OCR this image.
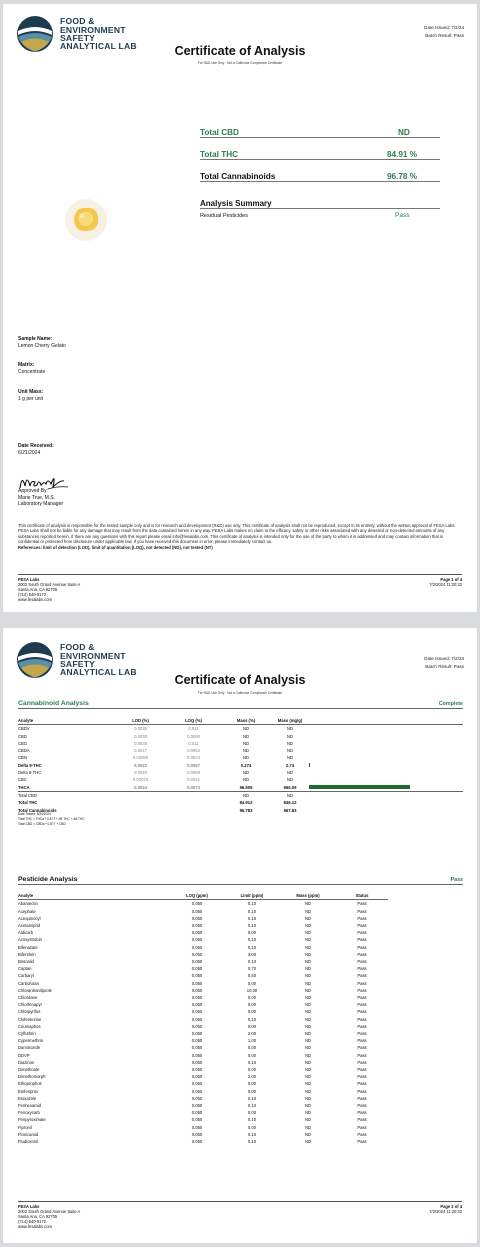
FOOD &
ENVIRONMENT
SAFETY
ANALYTICAL LAB
Date Issued: 7/2/24
Batch Result: Pass
Certificate of Analysis
For R&D Use Only · Not a California Compliance Certificate
Total CBD	ND
Total THC	84.91 %
Total Cannabinoids	96.78 %
Analysis Summary
Residual Pesticides	Pass
Sample Name:
Lemon Cherry Gelato
Matrix:
Concentrate
Unit Mass:
1 g per unit
Date Received:
6/21/2024
Approved By:
Marie True, M.S.
Laboratory Manager
This certificate of analysis is responsible for the tested sample only and is for research and development (R&D) use only. This certificate of analysis shall not be reproduced, except in its entirety, without the written approval of FESA Labs. FESA Labs shall not be liable for any damage that may result from the data contained herein in any way. FESA Labs makes no claim to the efficacy, safety or other risks associated with any detected or non-detected amounts of any substances reported herein. If there are any questions with this report please email info@fesalabs.com. This certificate of analysis is intended only for the use of the party to whom it is addressed and may contain information that is confidential or protected from disclosure under applicable law. If you have received this document in error, please immediately contact us.
References: limit of detection (LOD), limit of quantitation (LOQ), not detected (ND), not tested (NT)
FESA Labs
2002 South Grand Avenue Suite A
Santa Ana, CA 92705
(714) 540-0172
www.fesalabs.com
Page 1 of 4
7/2/2024 11:20:32
FOOD &
ENVIRONMENT
SAFETY
ANALYTICAL LAB
Date Issued: 7/2/24
Batch Result: Pass
Certificate of Analysis
For R&D Use Only · Not a California Compliance Certificate
Cannabinoid Analysis	Complete
Analyte	LOD (%)	LOQ (%)	Mass (%)	Mass (mg/g)	
CBDV	0.0035	0.011	ND	ND	
CBD	0.0030	0.0090	ND	ND	
CBG	0.0038	0.011	ND	ND	
CBDA	0.0017	0.0052	ND	ND	
CBN	0.00080	0.0024	ND	ND	
Delta 9-THC	0.0022	0.0067	0.274	2.74	

Delta 8-THC	0.0020	0.0059	ND	ND	
CBC	0.00070	0.0021	ND	ND	
THCA	0.0024	0.0073	96.509	965.09	

Total CBD			ND	ND	
Total THC			84.912	849.12	
Total Cannabinoids			96.783	967.83	
Date Tested: 6/24/2024
Total THC = THCa * 0.877 + d9-THC + d8-THC
Total CBD = CBDa * 0.877 + CBD
Pesticide Analysis	Pass
Analyte	LOQ (ppm)	Limit (ppm)	Mass (ppm)	Status
Abamectin	0.050	0.10	ND	Pass
Acephate	0.050	0.10	ND	Pass
Acequinocyl	0.050	0.10	ND	Pass
Acetamiprid	0.050	0.10	ND	Pass
Aldicarb	0.050	0.00	ND	Pass
Azoxystrobin	0.050	0.10	ND	Pass
Bifenazate	0.050	0.10	ND	Pass
Bifenthrin	0.050	3.00	ND	Pass
Boscalid	0.050	0.10	ND	Pass
Captan	0.050	0.70	ND	Pass
Carbaryl	0.050	0.50	ND	Pass
Carbofuran	0.050	0.00	ND	Pass
Chlorantraniliprole	0.050	10.00	ND	Pass
Chlordane	0.050	0.00	ND	Pass
Chlorfenapyr	0.050	0.00	ND	Pass
Chlorpyrifos	0.050	0.00	ND	Pass
Clofentezine	0.050	0.10	ND	Pass
Coumaphos	0.050	0.00	ND	Pass
Cyfluthrin	0.050	2.00	ND	Pass
Cypermethrin	0.050	1.00	ND	Pass
Daminozide	0.050	0.00	ND	Pass
DDVP	0.050	0.00	ND	Pass
Diazinon	0.050	0.10	ND	Pass
Dimethoate	0.050	0.00	ND	Pass
Dimethomorph	0.050	2.00	ND	Pass
Ethoprophos	0.050	0.00	ND	Pass
Etofenprox	0.050	0.00	ND	Pass
Etoxazole	0.050	0.10	ND	Pass
Fenhexamid	0.050	0.10	ND	Pass
Fenoxycarb	0.050	0.00	ND	Pass
Fenpyroximate	0.050	0.10	ND	Pass
Fipronil	0.050	0.00	ND	Pass
Flonicamid	0.050	0.10	ND	Pass
Fludioxonil	0.050	0.10	ND	Pass
FESA Labs
2002 South Grand Avenue Suite A
Santa Ana, CA 92705
(714) 540-0172
www.fesalabs.com
Page 2 of 4
7/2/2024 11:20:32
